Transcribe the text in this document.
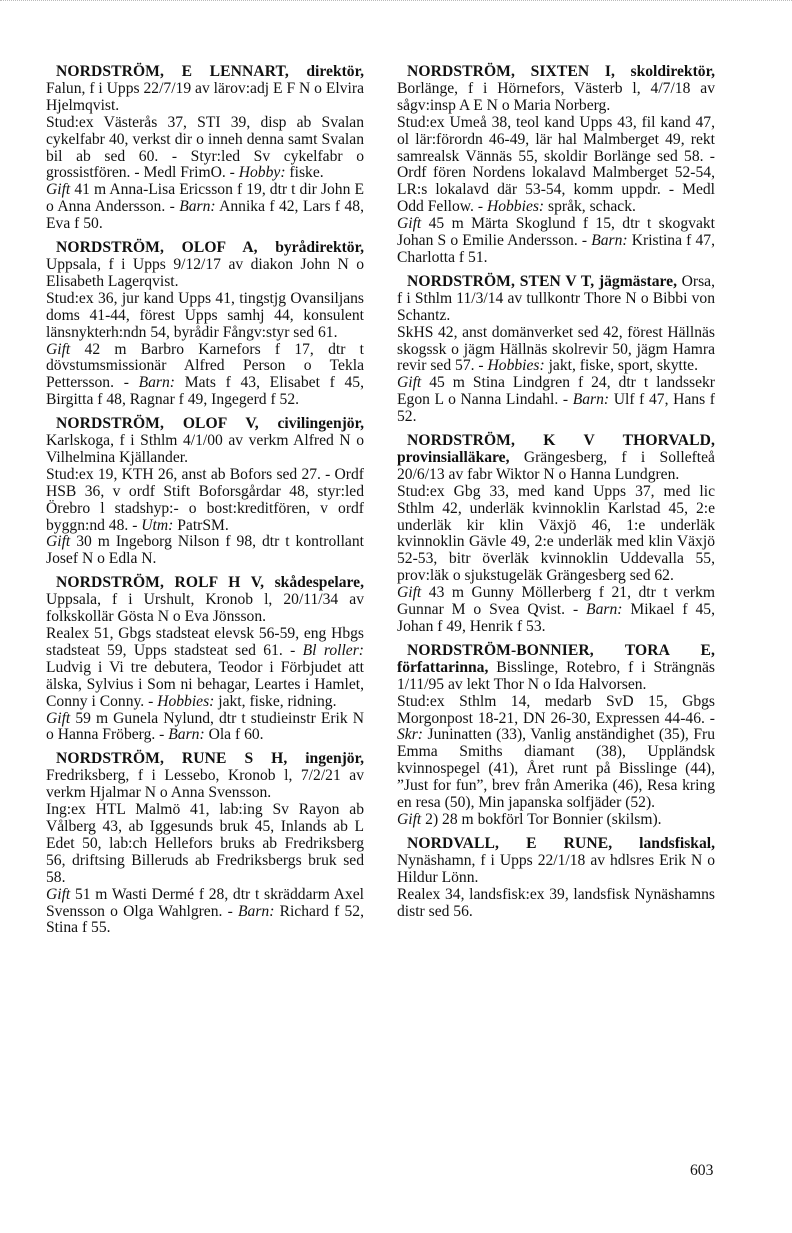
NORDSTRÖM, E LENNART, direktör, Falun, f i Upps 22/7/19 av lärov:adj E F N o Elvira Hjelmqvist.

Stud:ex Västerås 37, STI 39, disp ab Svalan cykelfabr 40, verkst dir o inneh denna samt Svalan bil ab sed 60. - Styr:led Sv cykelfabr o grossistfören. - Medl FrimO. - Hobby: fiske.

Gift 41 m Anna-Lisa Ericsson f 19, dtr t dir John E o Anna Andersson. - Barn: Annika f 42, Lars f 48, Eva f 50.

NORDSTRÖM, OLOF A, byrådirektör, Uppsala, f i Upps 9/12/17 av diakon John N o Elisabeth Lagerqvist.

Stud:ex 36, jur kand Upps 41, tingstjg Ovansiljans doms 41-44, förest Upps samhj 44, konsulent länsnykterh:ndn 54, byrådir Fångv:styr sed 61.

Gift 42 m Barbro Karnefors f 17, dtr t dövstumsmissionär Alfred Person o Tekla Pettersson. - Barn: Mats f 43, Elisabet f 45, Birgitta f 48, Ragnar f 49, Ingegerd f 52.

NORDSTRÖM, OLOF V, civilingenjör, Karlskoga, f i Sthlm 4/1/00 av verkm Alfred N o Vilhelmina Kjällander.

Stud:ex 19, KTH 26, anst ab Bofors sed 27. - Ordf HSB 36, v ordf Stift Boforsgårdar 48, styr:led Örebro l stadshyp:- o bost:kreditfören, v ordf byggn:nd 48. - Utm: PatrSM.

Gift 30 m Ingeborg Nilson f 98, dtr t kontrollant Josef N o Edla N.

NORDSTRÖM, ROLF H V, skådespelare, Uppsala, f i Urshult, Kronob l, 20/11/34 av folkskollär Gösta N o Eva Jönsson.

Realex 51, Gbgs stadsteat elevsk 56-59, eng Hbgs stadsteat 59, Upps stadsteat sed 61. - Bl roller: Ludvig i Vi tre debutera, Teodor i Förbjudet att älska, Sylvius i Som ni behagar, Leartes i Hamlet, Conny i Conny. - Hobbies: jakt, fiske, ridning.

Gift 59 m Gunela Nylund, dtr t studieinstr Erik N o Hanna Fröberg. - Barn: Ola f 60.

NORDSTRÖM, RUNE S H, ingenjör, Fredriksberg, f i Lessebo, Kronob l, 7/2/21 av verkm Hjalmar N o Anna Svensson.

Ing:ex HTL Malmö 41, lab:ing Sv Rayon ab Vålberg 43, ab Iggesunds bruk 45, Inlands ab L Edet 50, lab:ch Hellefors bruks ab Fredriksberg 56, driftsing Billeruds ab Fredriksbergs bruk sed 58.

Gift 51 m Wasti Dermé f 28, dtr t skräddarm Axel Svensson o Olga Wahlgren. - Barn: Richard f 52, Stina f 55.

NORDSTRÖM, SIXTEN I, skoldirektör, Borlänge, f i Hörnefors, Västerb l, 4/7/18 av sågv:insp A E N o Maria Norberg.

Stud:ex Umeå 38, teol kand Upps 43, fil kand 47, ol lär:förordn 46-49, lär hal Malmberget 49, rekt samrealsk Vännäs 55, skoldir Borlänge sed 58. - Ordf fören Nordens lokalavd Malmberget 52-54, LR:s lokalavd där 53-54, komm uppdr. - Medl Odd Fellow. - Hobbies: språk, schack.

Gift 45 m Märta Skoglund f 15, dtr t skogvakt Johan S o Emilie Andersson. - Barn: Kristina f 47, Charlotta f 51.

NORDSTRÖM, STEN V T, jägmästare, Orsa, f i Sthlm 11/3/14 av tullkontr Thore N o Bibbi von Schantz.

SkHS 42, anst domänverket sed 42, förest Hällnäs skogssk o jägm Hällnäs skolrevir 50, jägm Hamra revir sed 57. - Hobbies: jakt, fiske, sport, skytte.

Gift 45 m Stina Lindgren f 24, dtr t landssekr Egon L o Nanna Lindahl. - Barn: Ulf f 47, Hans f 52.

NORDSTRÖM, K V THORVALD, provinsialläkare, Grängesberg, f i Sollefteå 20/6/13 av fabr Wiktor N o Hanna Lundgren.

Stud:ex Gbg 33, med kand Upps 37, med lic Sthlm 42, underläk kvinnoklin Karlstad 45, 2:e underläk kir klin Växjö 46, 1:e underläk kvinnoklin Gävle 49, 2:e underläk med klin Växjö 52-53, bitr överläk kvinnoklin Uddevalla 55, prov:läk o sjukstugeläk Grängesberg sed 62.

Gift 43 m Gunny Möllerberg f 21, dtr t verkm Gunnar M o Svea Qvist. - Barn: Mikael f 45, Johan f 49, Henrik f 53.

NORDSTRÖM-BONNIER, TORA E, författarinna, Bisslinge, Rotebro, f i Strängnäs 1/11/95 av lekt Thor N o Ida Halvorsen.

Stud:ex Sthlm 14, medarb SvD 15, Gbgs Morgonpost 18-21, DN 26-30, Expressen 44-46. - Skr: Juninatten (33), Vanlig anständighet (35), Fru Emma Smiths diamant (38), Uppländsk kvinnospegel (41), Året runt på Bisslinge (44), ”Just for fun”, brev från Amerika (46), Resa kring en resa (50), Min japanska solfjäder (52).

Gift 2) 28 m bokförl Tor Bonnier (skilsm).

NORDVALL, E RUNE, landsfiskal, Nynäshamn, f i Upps 22/1/18 av hdlsres Erik N o Hildur Lönn.

Realex 34, landsfisk:ex 39, landsfisk Nynäshamns distr sed 56.

603
